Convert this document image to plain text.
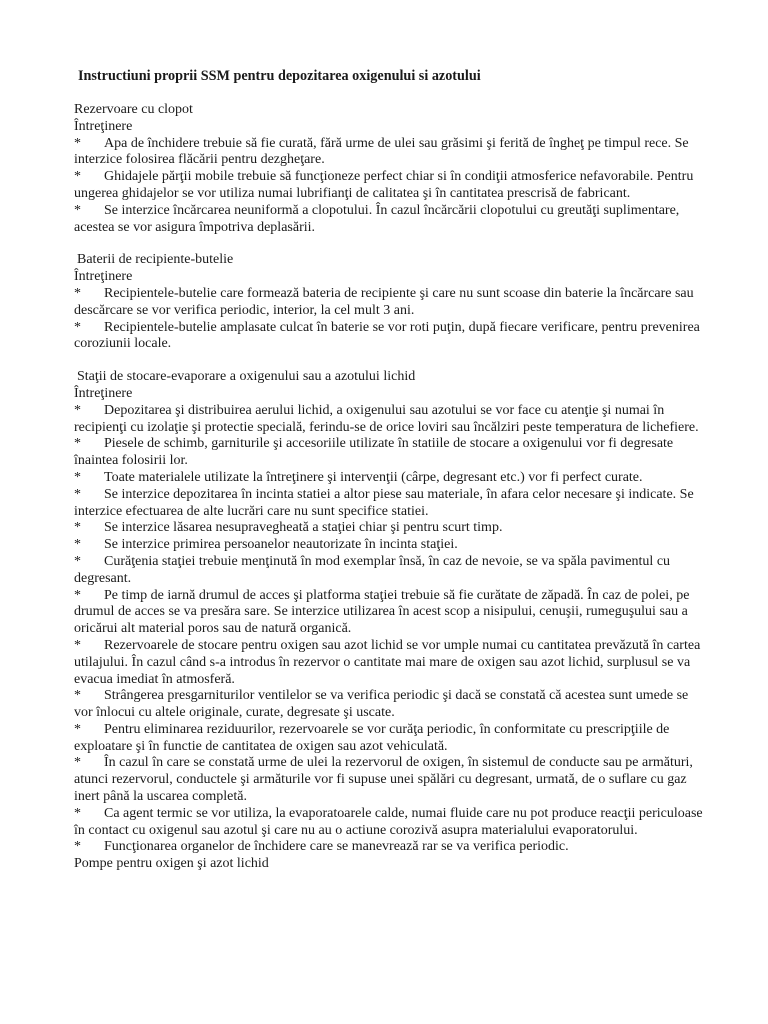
Instructiuni proprii SSM pentru depozitarea oxigenului si azotului

Rezervoare cu clopot

Întreţinere

*	Apa de închidere trebuie să fie curată, fără urme de ulei sau grăsimi şi ferită de îngheţ pe timpul rece. Se interzice folosirea flăcării pentru dezgheţare.
*	Ghidajele părţii mobile trebuie să funcţioneze perfect chiar si în condiţii atmosferice nefavorabile. Pentru ungerea ghidajelor se vor utiliza numai lubrifianţi de calitatea şi în cantitatea prescrisă de fabricant.
*	Se interzice încărcarea neuniformă a clopotului. În cazul încărcării clopotului cu greutăţi suplimentare, acestea se vor asigura împotriva deplasării.

Baterii de recipiente-butelie

Întreţinere

*	Recipientele-butelie care formează bateria de recipiente şi care nu sunt scoase din baterie la încărcare sau descărcare se vor verifica periodic, interior, la cel mult 3 ani.
*	Recipientele-butelie amplasate culcat în baterie se vor roti puţin, după fiecare verificare, pentru prevenirea coroziunii locale.

Staţii de stocare-evaporare a oxigenului sau a azotului lichid

Întreţinere

*	Depozitarea şi distribuirea aerului lichid, a oxigenului sau azotului se vor face cu atenţie şi numai în recipienţi cu izolaţie şi protectie specială, ferindu-se de orice loviri sau încălziri peste temperatura de lichefiere.
*	Piesele de schimb, garniturile şi accesoriile utilizate în statiile de stocare a oxigenului vor fi degresate înaintea folosirii lor.
*	Toate materialele utilizate la întreţinere şi intervenţii (cârpe, degresant etc.) vor fi perfect curate.
*	Se interzice depozitarea în incinta statiei a altor piese sau materiale, în afara celor necesare şi indicate. Se interzice efectuarea de alte lucrări care nu sunt specifice statiei.
*	Se interzice lăsarea nesupravegheată a staţiei chiar şi pentru scurt timp.
*	Se interzice primirea persoanelor neautorizate în incinta staţiei.
*	Curăţenia staţiei trebuie menţinută în mod exemplar însă, în caz de nevoie, se va spăla pavimentul cu degresant.
*	Pe timp de iarnă drumul de acces şi platforma staţiei trebuie să fie curătate de zăpadă. În caz de polei, pe drumul de acces se va presăra sare. Se interzice utilizarea în acest scop a nisipului, cenuşii, rumeguşului sau a oricărui alt material poros sau de natură organică.
*	Rezervoarele de stocare pentru oxigen sau azot lichid se vor umple numai cu cantitatea prevăzută în cartea utilajului. În cazul când s-a introdus în rezervor o cantitate mai mare de oxigen sau azot lichid, surplusul se va evacua imediat în atmosferă.
*	Strângerea presgarniturilor ventilelor se va verifica periodic şi dacă se constată că acestea sunt umede se vor înlocui cu altele originale, curate, degresate şi uscate.
*	Pentru eliminarea reziduurilor, rezervoarele se vor curăţa periodic, în conformitate cu prescripţiile de exploatare şi în functie de cantitatea de oxigen sau azot vehiculată.
*	În cazul în care se constată urme de ulei la rezervorul de oxigen, în sistemul de conducte sau pe armături, atunci rezervorul, conductele şi armăturile vor fi supuse unei spălări cu degresant, urmată, de o suflare cu gaz inert până la uscarea completă.
*	Ca agent termic se vor utiliza, la evaporatoarele calde, numai fluide care nu pot produce reacţii periculoase în contact cu oxigenul sau azotul şi care nu au o actiune corozivă asupra materialului evaporatorului.
*	Funcţionarea organelor de închidere care se manevrează rar se va verifica periodic.

Pompe pentru oxigen şi azot lichid
